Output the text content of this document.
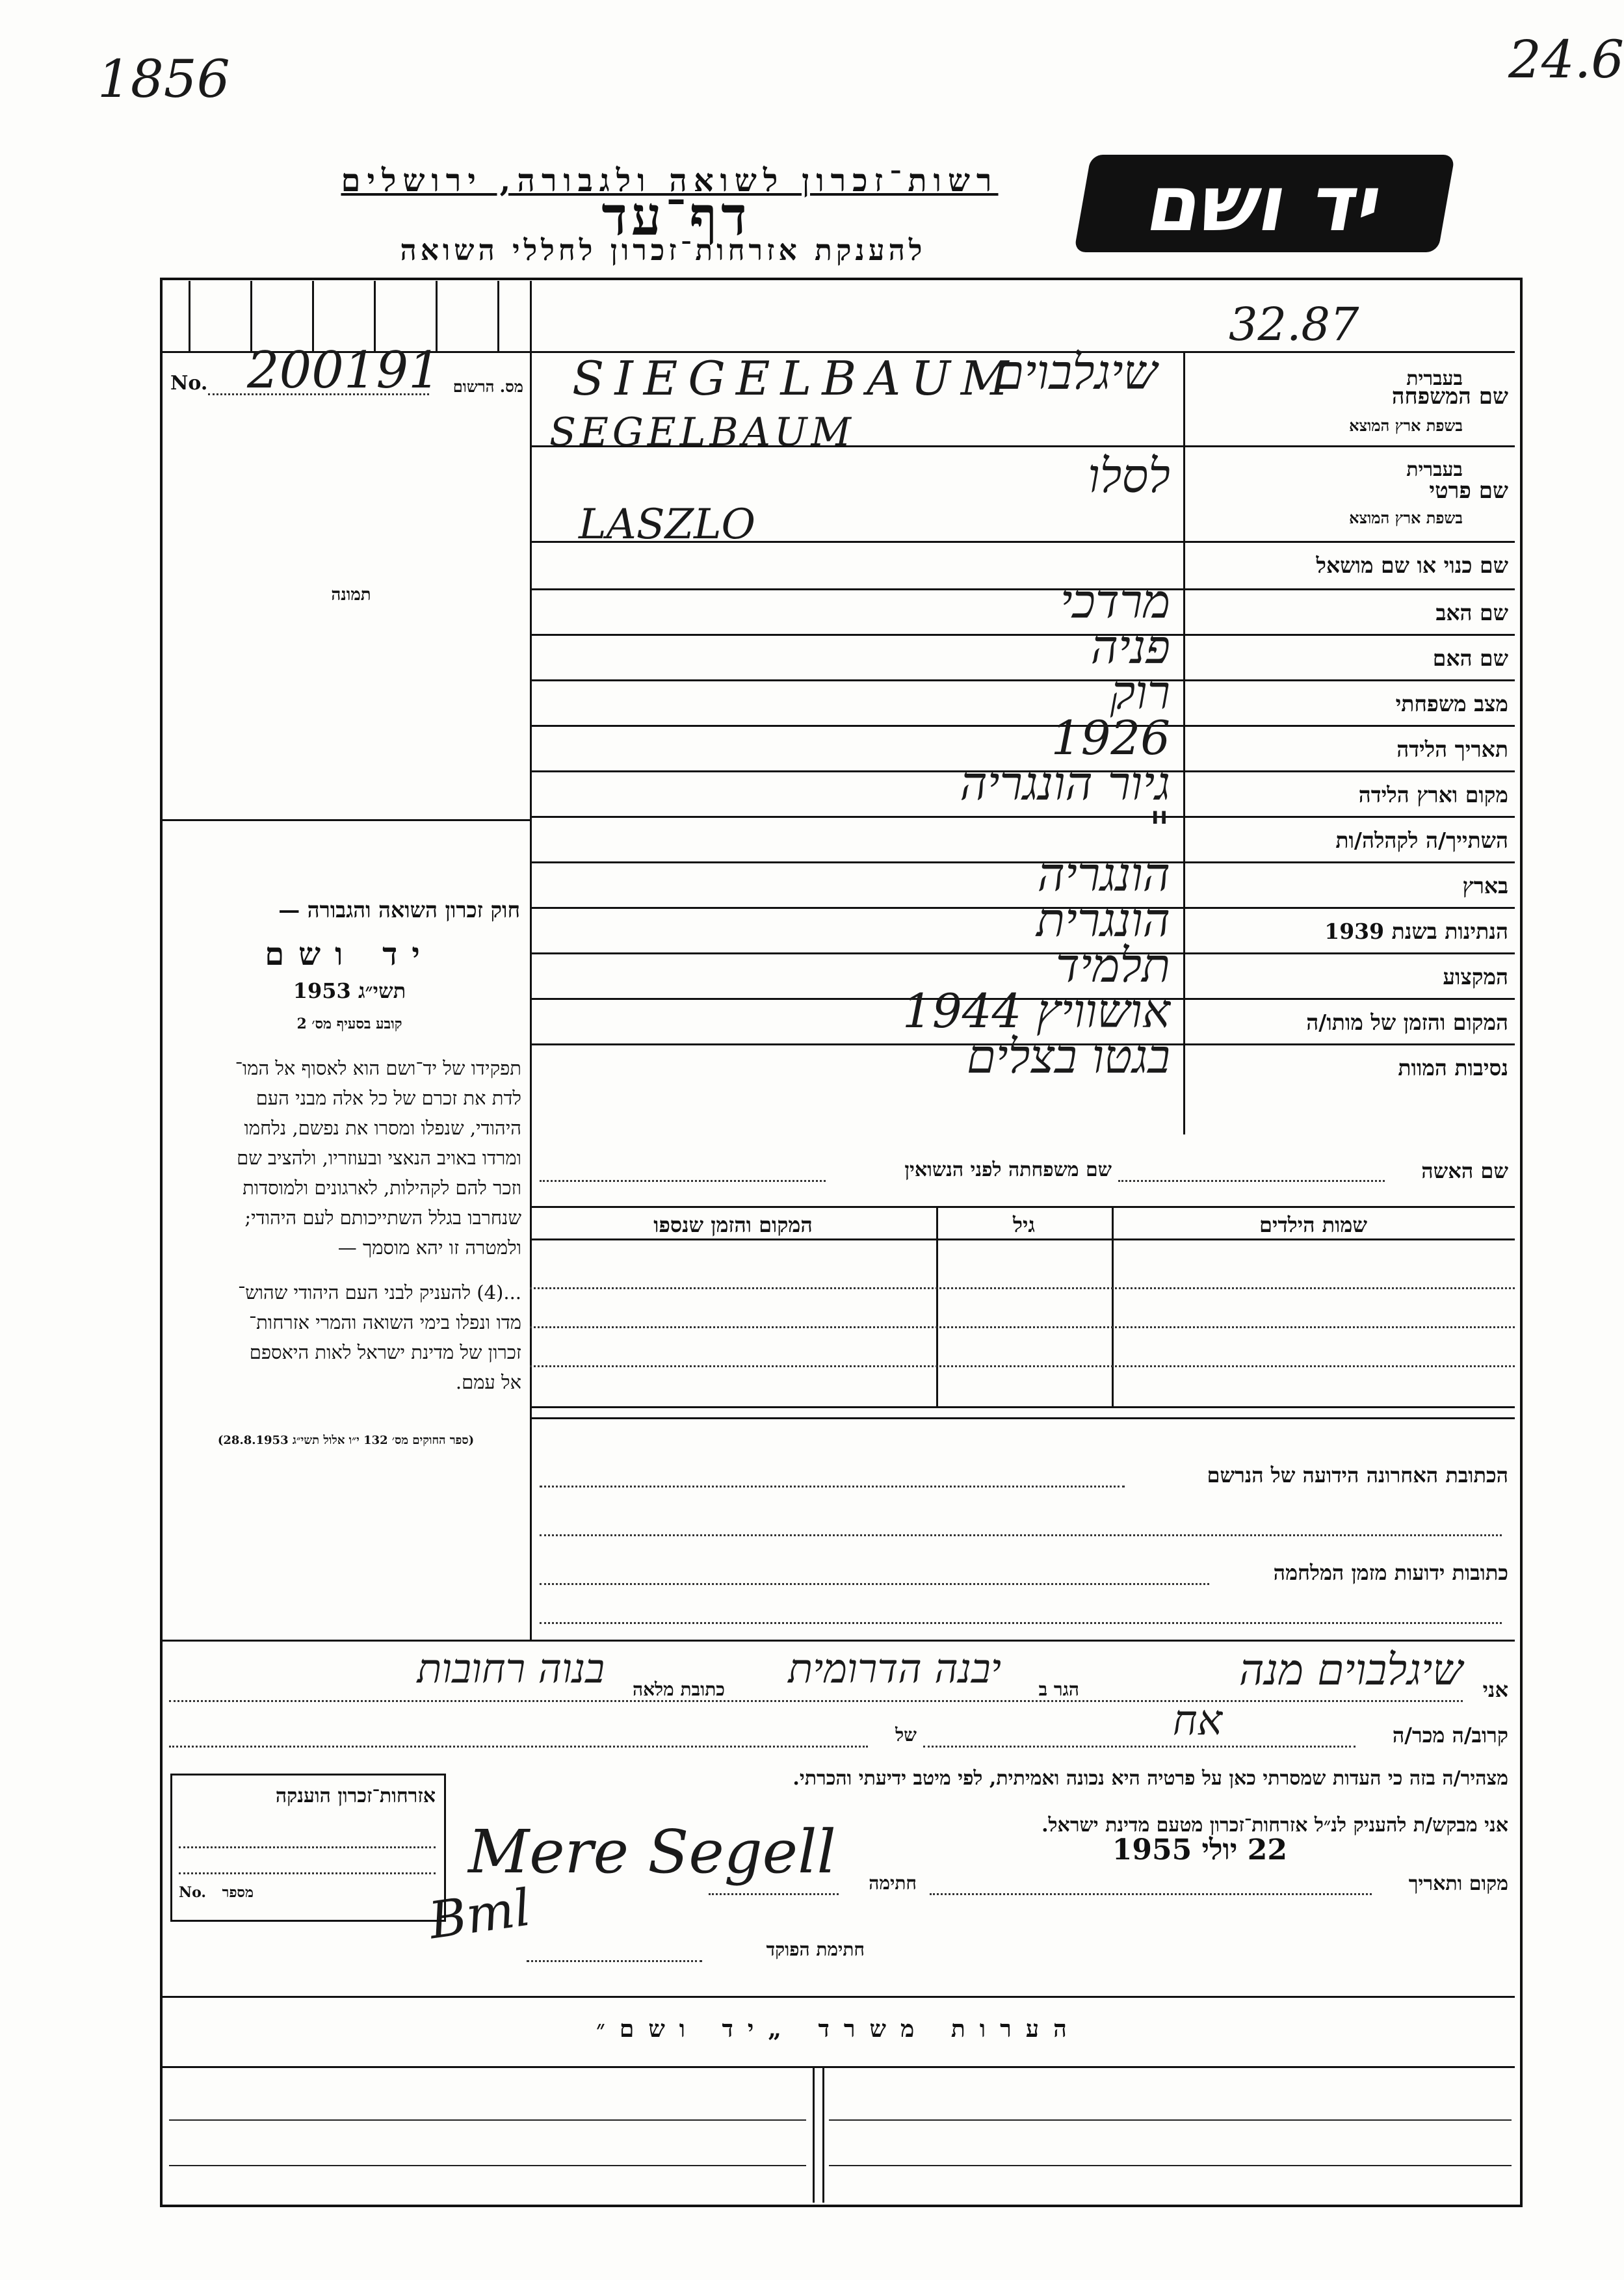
1856	24.6
רשות־זכרון לשואה ולגבורה, ירושלים
דף־עד
להענקת אזרחות־זכרון לחללי השואה
יד ושם
No. 200191 מס. הרשום
32.87
תמונה
שם כנוי או שם מושאל
שם האב
מרדכי
שם האם
פניה
מצב משפחתי
רוק
תאריך הלידה
1926
מקום וארץ הלידה
גיור הונגריה
השתייך/ה לקהלה/ות
"
בארץ
הונגריה
הנתינות בשנת 1939
הונגרית
המקצוע
תלמיד
המקום והזמן של מותו/ה
אושוויץ 1944
נסיבות המוות
בגטו בצלים
בעברית
שם המשפחה
בשפת ארץ המוצא
שיגלבוים
SIEGELBAUM
SEGELBAUM
בעברית
שם פרטי
בשפת ארץ המוצא
לסלו
LASZLO
חוק זכרון השואה והגבורה —
יד ושם
תשי״ג 1953
קובע בסעיף מס׳ 2
תפקידו של יד־ושם הוא לאסוף אל המו־
לדת את זכרם של כל אלה מבני העם
היהודי, שנפלו ומסרו את נפשם, נלחמו
ומרדו באויב הנאצי ובעוזריו, ולהציב שם
וזכר להם לקהילות, לארגונים ולמוסדות
שנחרבו בגלל השתייכותם לעם היהודי;
ולמטרה זו יהא מוסמך —
...(4) להעניק לבני העם היהודי שהוש־
מדו ונפלו בימי השואה והמרי אזרחות־
זכרון של מדינת ישראל לאות היאספם
אל עמם.
(ספר החוקים מס׳ 132 י״ו אלול תשי״ג 28.8.1953)
שם האשה
שם משפחתה לפני הנשואין
שמות הילדים
גיל
המקום והזמן שנספו
הכתובת האחרונה הידועה של הנרשם
כתובות ידועות מזמן המלחמה
אני
שיגלבוים מנה
הגר ב
יבנה הדרומית
כתובת מלאה
בנוה רחובות
קרוב/ה מכר/ה
אח
של
מצהיר/ה בזה כי העדות שמסרתי כאן על פרטיה היא נכונה ואמיתית, לפי מיטב ידיעתי והכרתי.
אני מבקש/ת להעניק לנ״ל אזרחות־זכרון מטעם מדינת ישראל.
22 יולי 1955
מקום ותאריך
חתימה
Mere Segell
חתימת הפוקד
Bml
אזרחות־זכרון הוענקה
No.	מספר
הערות משרד „יד ושם״
